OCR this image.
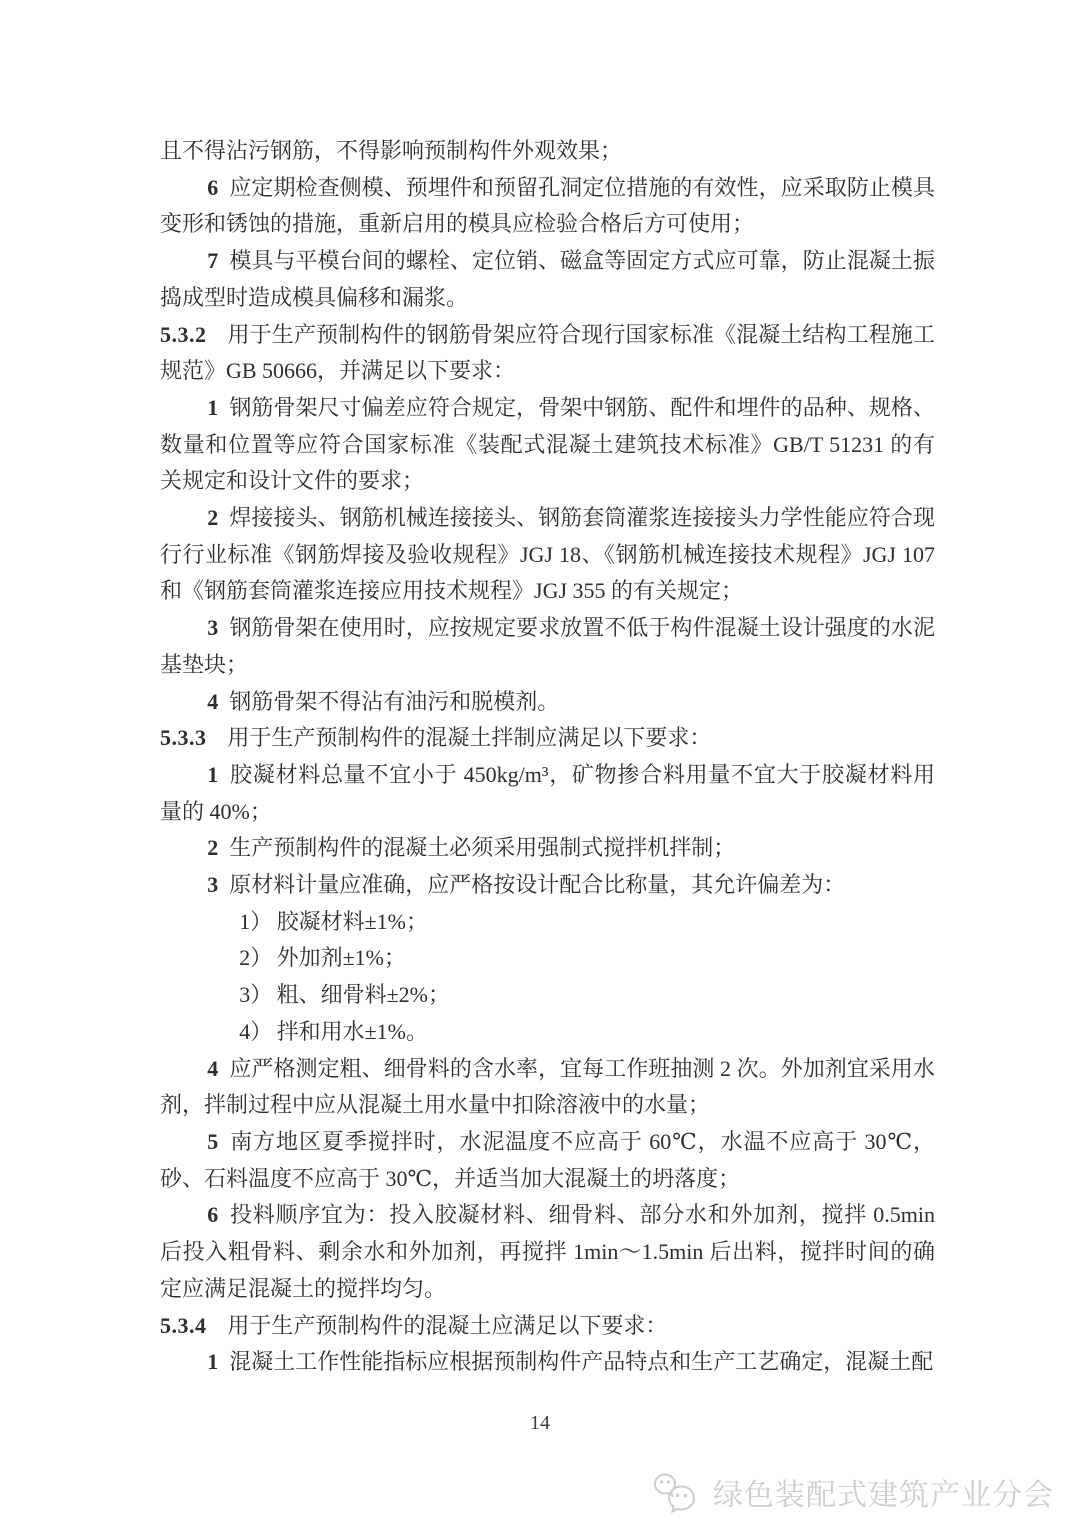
且不得沾污钢筋，不得影响预制构件外观效果；

6 应定期检查侧模、预埋件和预留孔洞定位措施的有效性，应采取防止模具变形和锈蚀的措施，重新启用的模具应检验合格后方可使用；

7 模具与平模台间的螺栓、定位销、磁盒等固定方式应可靠，防止混凝土振捣成型时造成模具偏移和漏浆。

5.3.2 用于生产预制构件的钢筋骨架应符合现行国家标准《混凝土结构工程施工规范》GB 50666，并满足以下要求：

1 钢筋骨架尺寸偏差应符合规定，骨架中钢筋、配件和埋件的品种、规格、数量和位置等应符合国家标准《装配式混凝土建筑技术标准》GB/T 51231 的有关规定和设计文件的要求；

2 焊接接头、钢筋机械连接接头、钢筋套筒灌浆连接接头力学性能应符合现行行业标准《钢筋焊接及验收规程》JGJ 18、《钢筋机械连接技术规程》JGJ 107 和《钢筋套筒灌浆连接应用技术规程》JGJ 355 的有关规定；

3 钢筋骨架在使用时，应按规定要求放置不低于构件混凝土设计强度的水泥基垫块；

4 钢筋骨架不得沾有油污和脱模剂。

5.3.3 用于生产预制构件的混凝土拌制应满足以下要求：

1 胶凝材料总量不宜小于 450kg/m³，矿物掺合料用量不宜大于胶凝材料用量的 40%；

2 生产预制构件的混凝土必须采用强制式搅拌机拌制；

3 原材料计量应准确，应严格按设计配合比称量，其允许偏差为：

1） 胶凝材料±1%；

2） 外加剂±1%；

3） 粗、细骨料±2%；

4） 拌和用水±1%。

4 应严格测定粗、细骨料的含水率，宜每工作班抽测 2 次。外加剂宜采用水剂，拌制过程中应从混凝土用水量中扣除溶液中的水量；

5 南方地区夏季搅拌时，水泥温度不应高于 60℃，水温不应高于 30℃，砂、石料温度不应高于 30℃，并适当加大混凝土的坍落度；

6 投料顺序宜为：投入胶凝材料、细骨料、部分水和外加剂，搅拌 0.5min 后投入粗骨料、剩余水和外加剂，再搅拌 1min～1.5min 后出料，搅拌时间的确定应满足混凝土的搅拌均匀。

5.3.4 用于生产预制构件的混凝土应满足以下要求：

1 混凝土工作性能指标应根据预制构件产品特点和生产工艺确定，混凝土配

14
绿色装配式建筑产业分会
